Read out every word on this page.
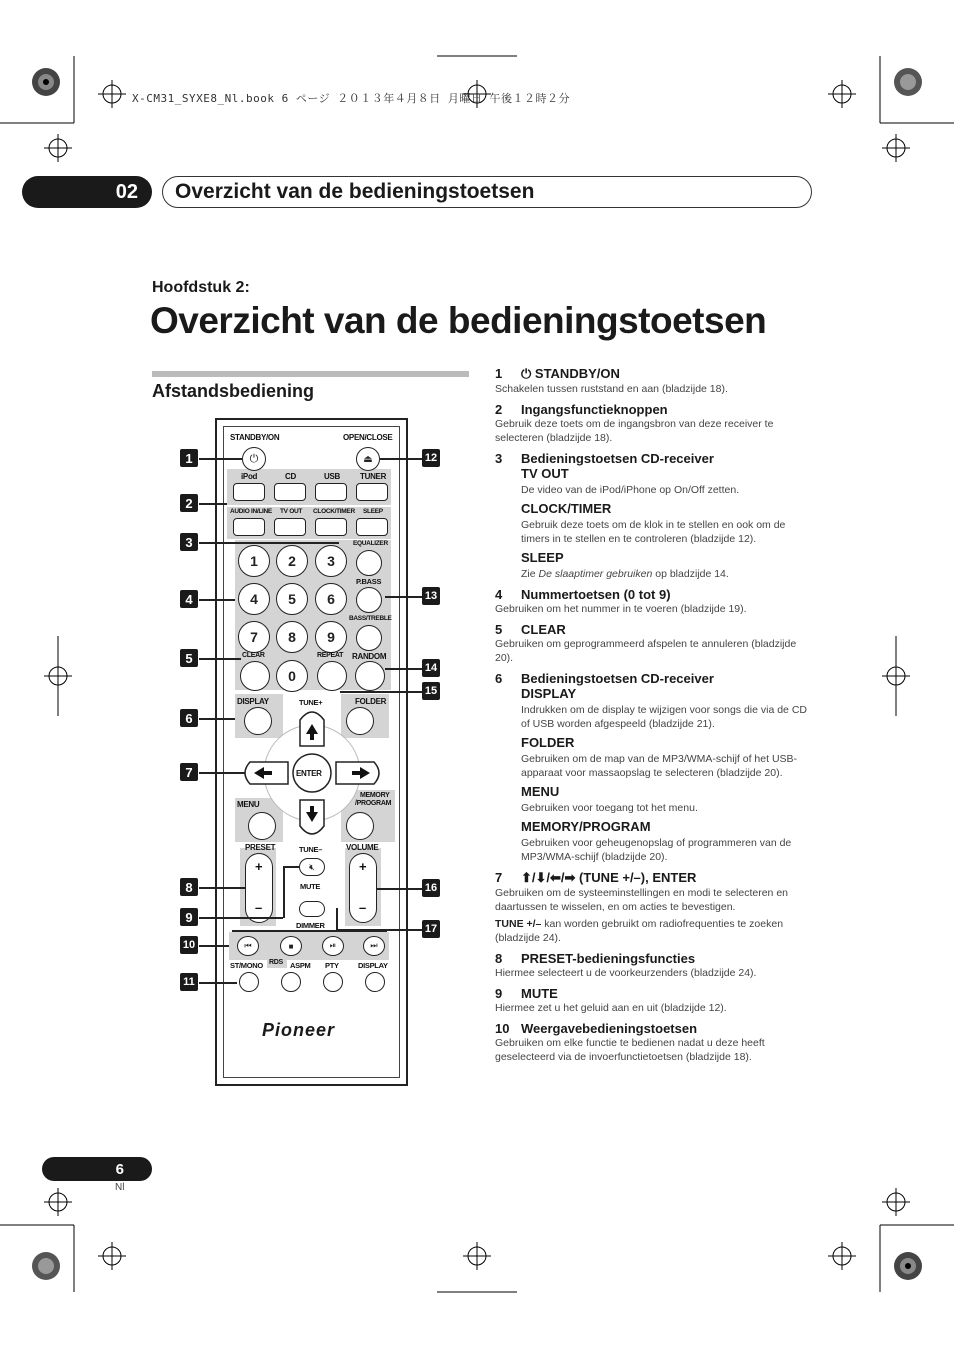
X-CM31_SYXE8_Nl.book 6 ページ ２０１３年４月８日 月曜日 午後１２時２分
02	Overzicht van de bedieningstoetsen
Hoofdstuk 2:
Overzicht van de bedieningstoetsen
Afstandsbediening
STANDBY/ON	OPEN/CLOSE
⏻	⏏
iPod	CD	USB	TUNER
AUDIO IN/LINE TV OUT CLOCK/TIMER SLEEP
1	2	3
4	5	6
7	8	9
0
EQUALIZER
P.BASS
BASS/TREBLE
CLEAR	REPEAT RANDOM
DISPLAY	FOLDER
TUNE+
ENTER
MENU
MEMORY
/PROGRAM
PRESET
+
–
VOLUME
+
–
TUNE–
🔇︎
MUTE
DIMMER
⏮	■	⏯	⏭
ST/MONO RDS ASPM PTY	DISPLAY
Pioneer
1
2
3
4
5
6
7
8
9
10
11
12
13
14
15
16
17
1	⏻ STANDBY/ON
Schakelen tussen ruststand en aan (bladzijde 18).
2	Ingangsfunctieknoppen
Gebruik deze toets om de ingangsbron van deze receiver te selecteren (bladzijde 18).
3	Bedieningstoetsen CD-receiver
TV OUT
De video van de iPod/iPhone op On/Off zetten.
CLOCK/TIMER
Gebruik deze toets om de klok in te stellen en ook om de timers in te stellen en te controleren (bladzijde 12).
SLEEP
Zie De slaaptimer gebruiken op bladzijde 14.
4	Nummertoetsen (0 tot 9)
Gebruiken om het nummer in te voeren (bladzijde 19).
5	CLEAR
Gebruiken om geprogrammeerd afspelen te annuleren (bladzijde 20).
6	Bedieningstoetsen CD-receiver
DISPLAY
Indrukken om de display te wijzigen voor songs die via de CD of USB worden afgespeeld (bladzijde 21).
FOLDER
Gebruiken om de map van de MP3/WMA-schijf of het USB-apparaat voor massaopslag te selecteren (bladzijde 20).
MENU
Gebruiken voor toegang tot het menu.
MEMORY/PROGRAM
Gebruiken voor geheugenopslag of programmeren van de MP3/WMA-schijf (bladzijde 20).
7	⬆/⬇/⬅/➡ (TUNE +/–), ENTER
Gebruiken om de systeeminstellingen en modi te selecteren en daartussen te wisselen, en om acties te bevestigen.
TUNE +/– kan worden gebruikt om radiofrequenties te zoeken (bladzijde 24).
8	PRESET-bedieningsfuncties
Hiermee selecteert u de voorkeurzenders (bladzijde 24).
9	MUTE
Hiermee zet u het geluid aan en uit (bladzijde 12).
10 Weergavebedieningstoetsen
Gebruiken om elke functie te bedienen nadat u deze heeft geselecteerd via de invoerfunctietoetsen (bladzijde 18).
6
Nl
